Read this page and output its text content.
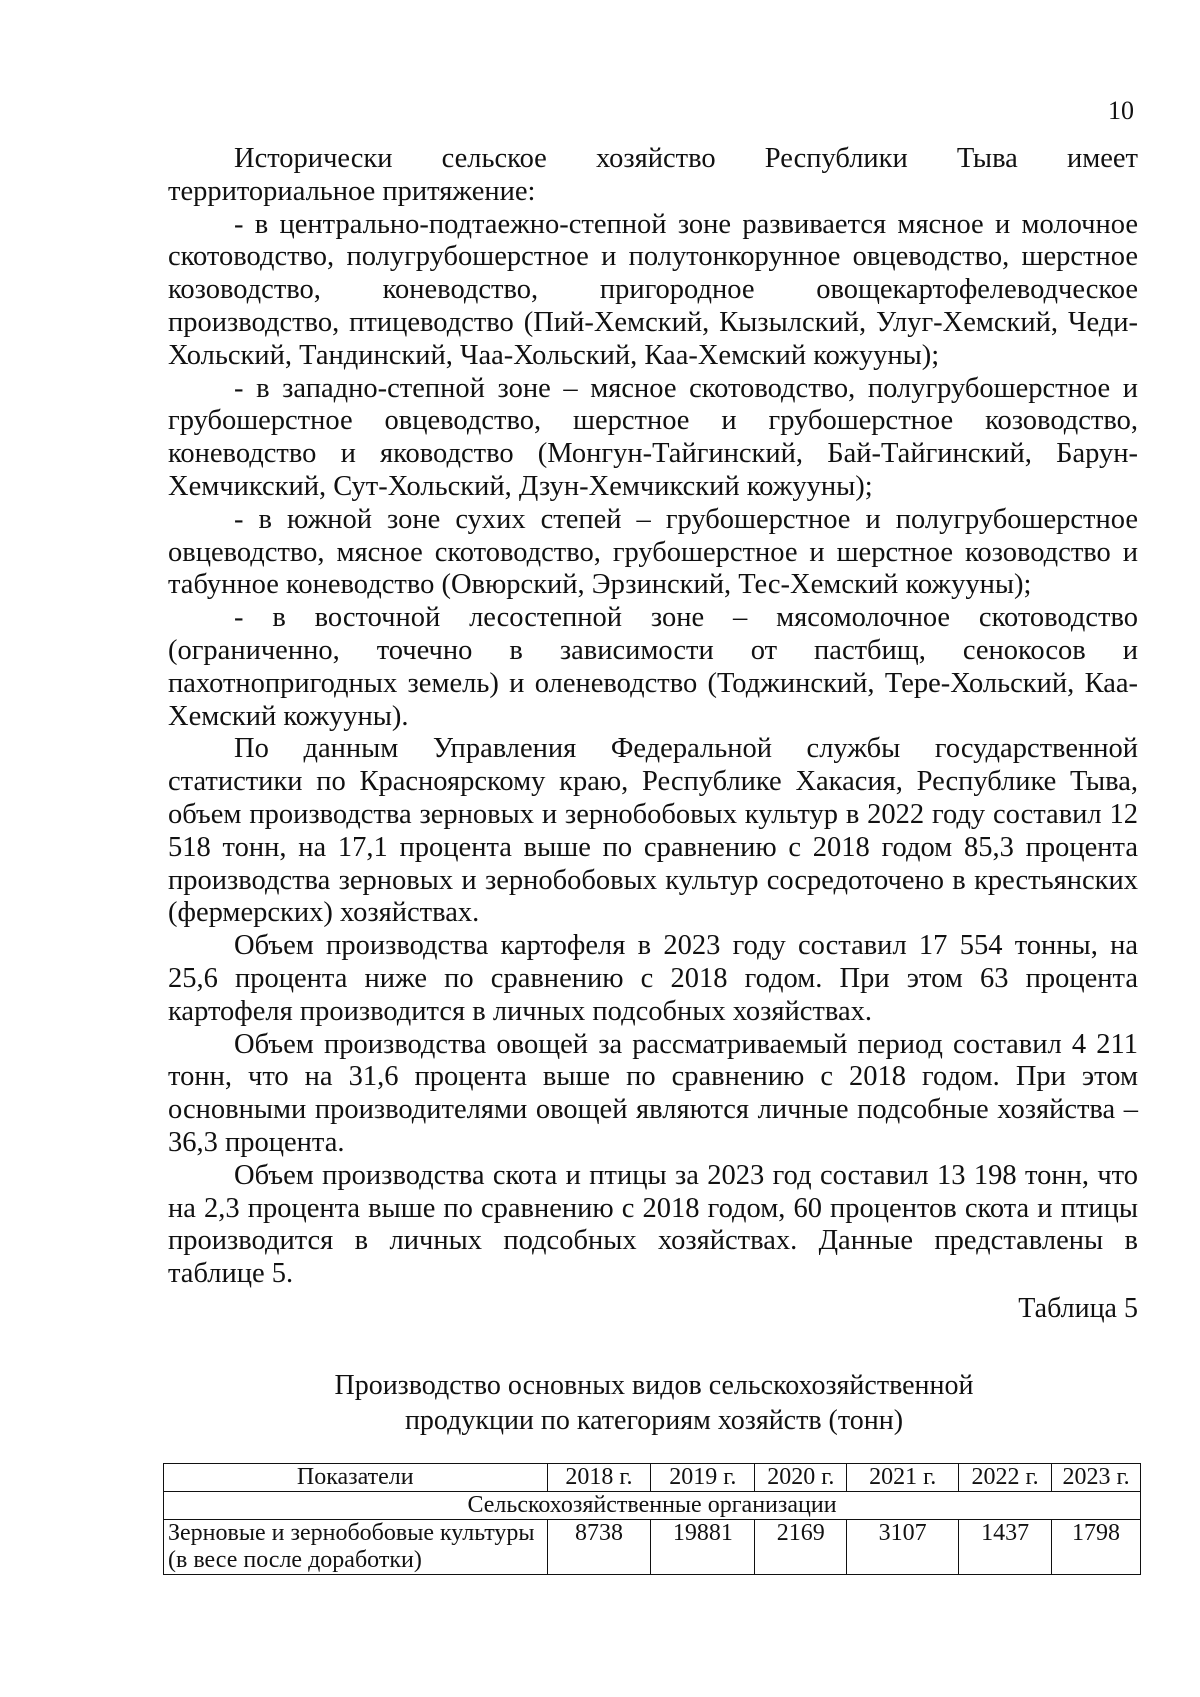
10

Исторически сельское хозяйство Республики Тыва имеет территориальное притяжение:

- в центрально-подтаежно-степной зоне развивается мясное и молочное скотоводство, полугрубошерстное и полутонкорунное овцеводство, шерстное козоводство, коневодство, пригородное овощекартофелеводческое производство, птицеводство (Пий-Хемский, Кызылский, Улуг-Хемский, Чеди-Хольский, Тандинский, Чаа-Хольский, Каа-Хемский кожууны);

- в западно-степной зоне – мясное скотоводство, полугрубошерстное и грубошерстное овцеводство, шерстное и грубошерстное козоводство, коневодство и яководство (Монгун-Тайгинский, Бай-Тайгинский, Барун-Хемчикский, Сут-Хольский, Дзун-Хемчикский кожууны);

- в южной зоне сухих степей – грубошерстное и полугрубошерстное овцеводство, мясное скотоводство, грубошерстное и шерстное козоводство и табунное коневодство (Овюрский, Эрзинский, Тес-Хемский кожууны);

- в восточной лесостепной зоне – мясомолочное скотоводство (ограниченно, точечно в зависимости от пастбищ, сенокосов и пахотнопригодных земель) и оленеводство (Тоджинский, Тере-Хольский, Каа-Хемский кожууны).

По данным Управления Федеральной службы государственной статистики по Красноярскому краю, Республике Хакасия, Республике Тыва, объем производства зерновых и зернобобовых культур в 2022 году составил 12 518 тонн, на 17,1 процента выше по сравнению с 2018 годом 85,3 процента производства зерновых и зернобобовых культур сосредоточено в крестьянских (фермерских) хозяйствах.

Объем производства картофеля в 2023 году составил 17 554 тонны, на 25,6 процента ниже по сравнению с 2018 годом. При этом 63 процента картофеля производится в личных подсобных хозяйствах.

Объем производства овощей за рассматриваемый период составил 4 211 тонн, что на 31,6 процента выше по сравнению с 2018 годом. При этом основными производителями овощей являются личные подсобные хозяйства – 36,3 процента.

Объем производства скота и птицы за 2023 год составил 13 198 тонн, что на 2,3 процента выше по сравнению с 2018 годом, 60 процентов скота и птицы производится в личных подсобных хозяйствах. Данные представлены в таблице 5.

Таблица 5
Производство основных видов сельскохозяйственной
продукции по категориям хозяйств (тонн)
Показатели	2018 г.	2019 г.	2020 г.	2021 г.	2022 г.	2023 г.
Сельскохозяйственные организации						
Зерновые и зернобобовые культуры (в весе после доработки)	8738	19881	2169	3107	1437	1798
